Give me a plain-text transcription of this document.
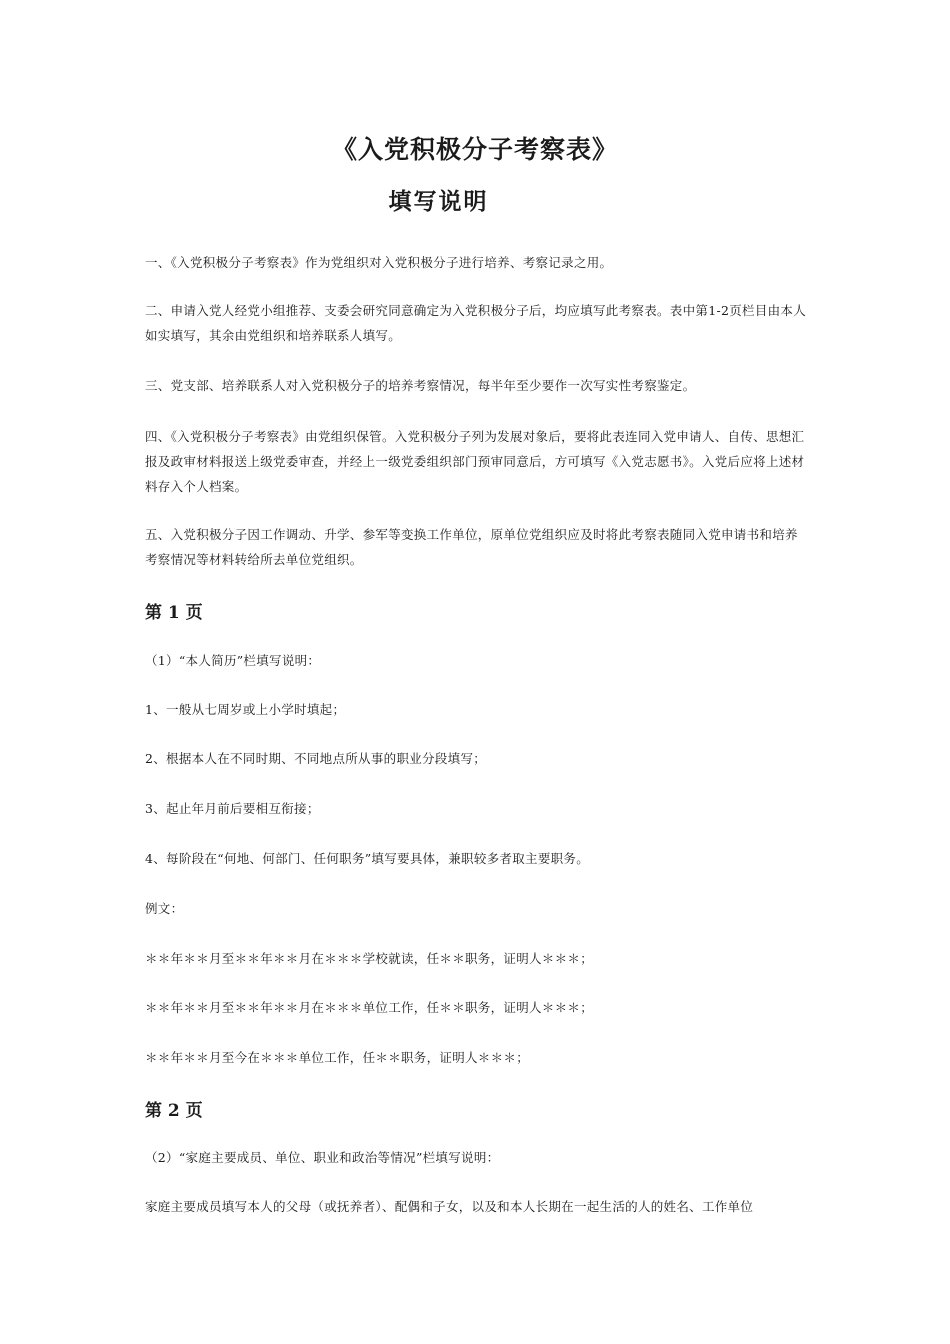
《入党积极分子考察表》
填写说明

一、《入党积极分子考察表》作为党组织对入党积极分子进行培养、考察记录之用。

二、申请入党人经党小组推荐、支委会研究同意确定为入党积极分子后，均应填写此考察表。表中第1-2页栏目由本人如实填写，其余由党组织和培养联系人填写。

三、党支部、培养联系人对入党积极分子的培养考察情况，每半年至少要作一次写实性考察鉴定。

四、《入党积极分子考察表》由党组织保管。入党积极分子列为发展对象后，要将此表连同入党申请人、自传、思想汇报及政审材料报送上级党委审查，并经上一级党委组织部门预审同意后，方可填写《入党志愿书》。入党后应将上述材料存入个人档案。

五、入党积极分子因工作调动、升学、参军等变换工作单位，原单位党组织应及时将此考察表随同入党申请书和培养考察情况等材料转给所去单位党组织。

第 1 页

（1）“本人简历”栏填写说明：

1、一般从七周岁或上小学时填起；

2、根据本人在不同时期、不同地点所从事的职业分段填写；

3、起止年月前后要相互衔接；

4、每阶段在“何地、何部门、任何职务”填写要具体，兼职较多者取主要职务。

例文：

＊＊年＊＊月至＊＊年＊＊月在＊＊＊学校就读，任＊＊职务，证明人＊＊＊；

＊＊年＊＊月至＊＊年＊＊月在＊＊＊单位工作，任＊＊职务，证明人＊＊＊；

＊＊年＊＊月至今在＊＊＊单位工作，任＊＊职务，证明人＊＊＊；

第 2 页

（2）“家庭主要成员、单位、职业和政治等情况”栏填写说明：

家庭主要成员填写本人的父母（或抚养者）、配偶和子女，以及和本人长期在一起生活的人的姓名、工作单位
